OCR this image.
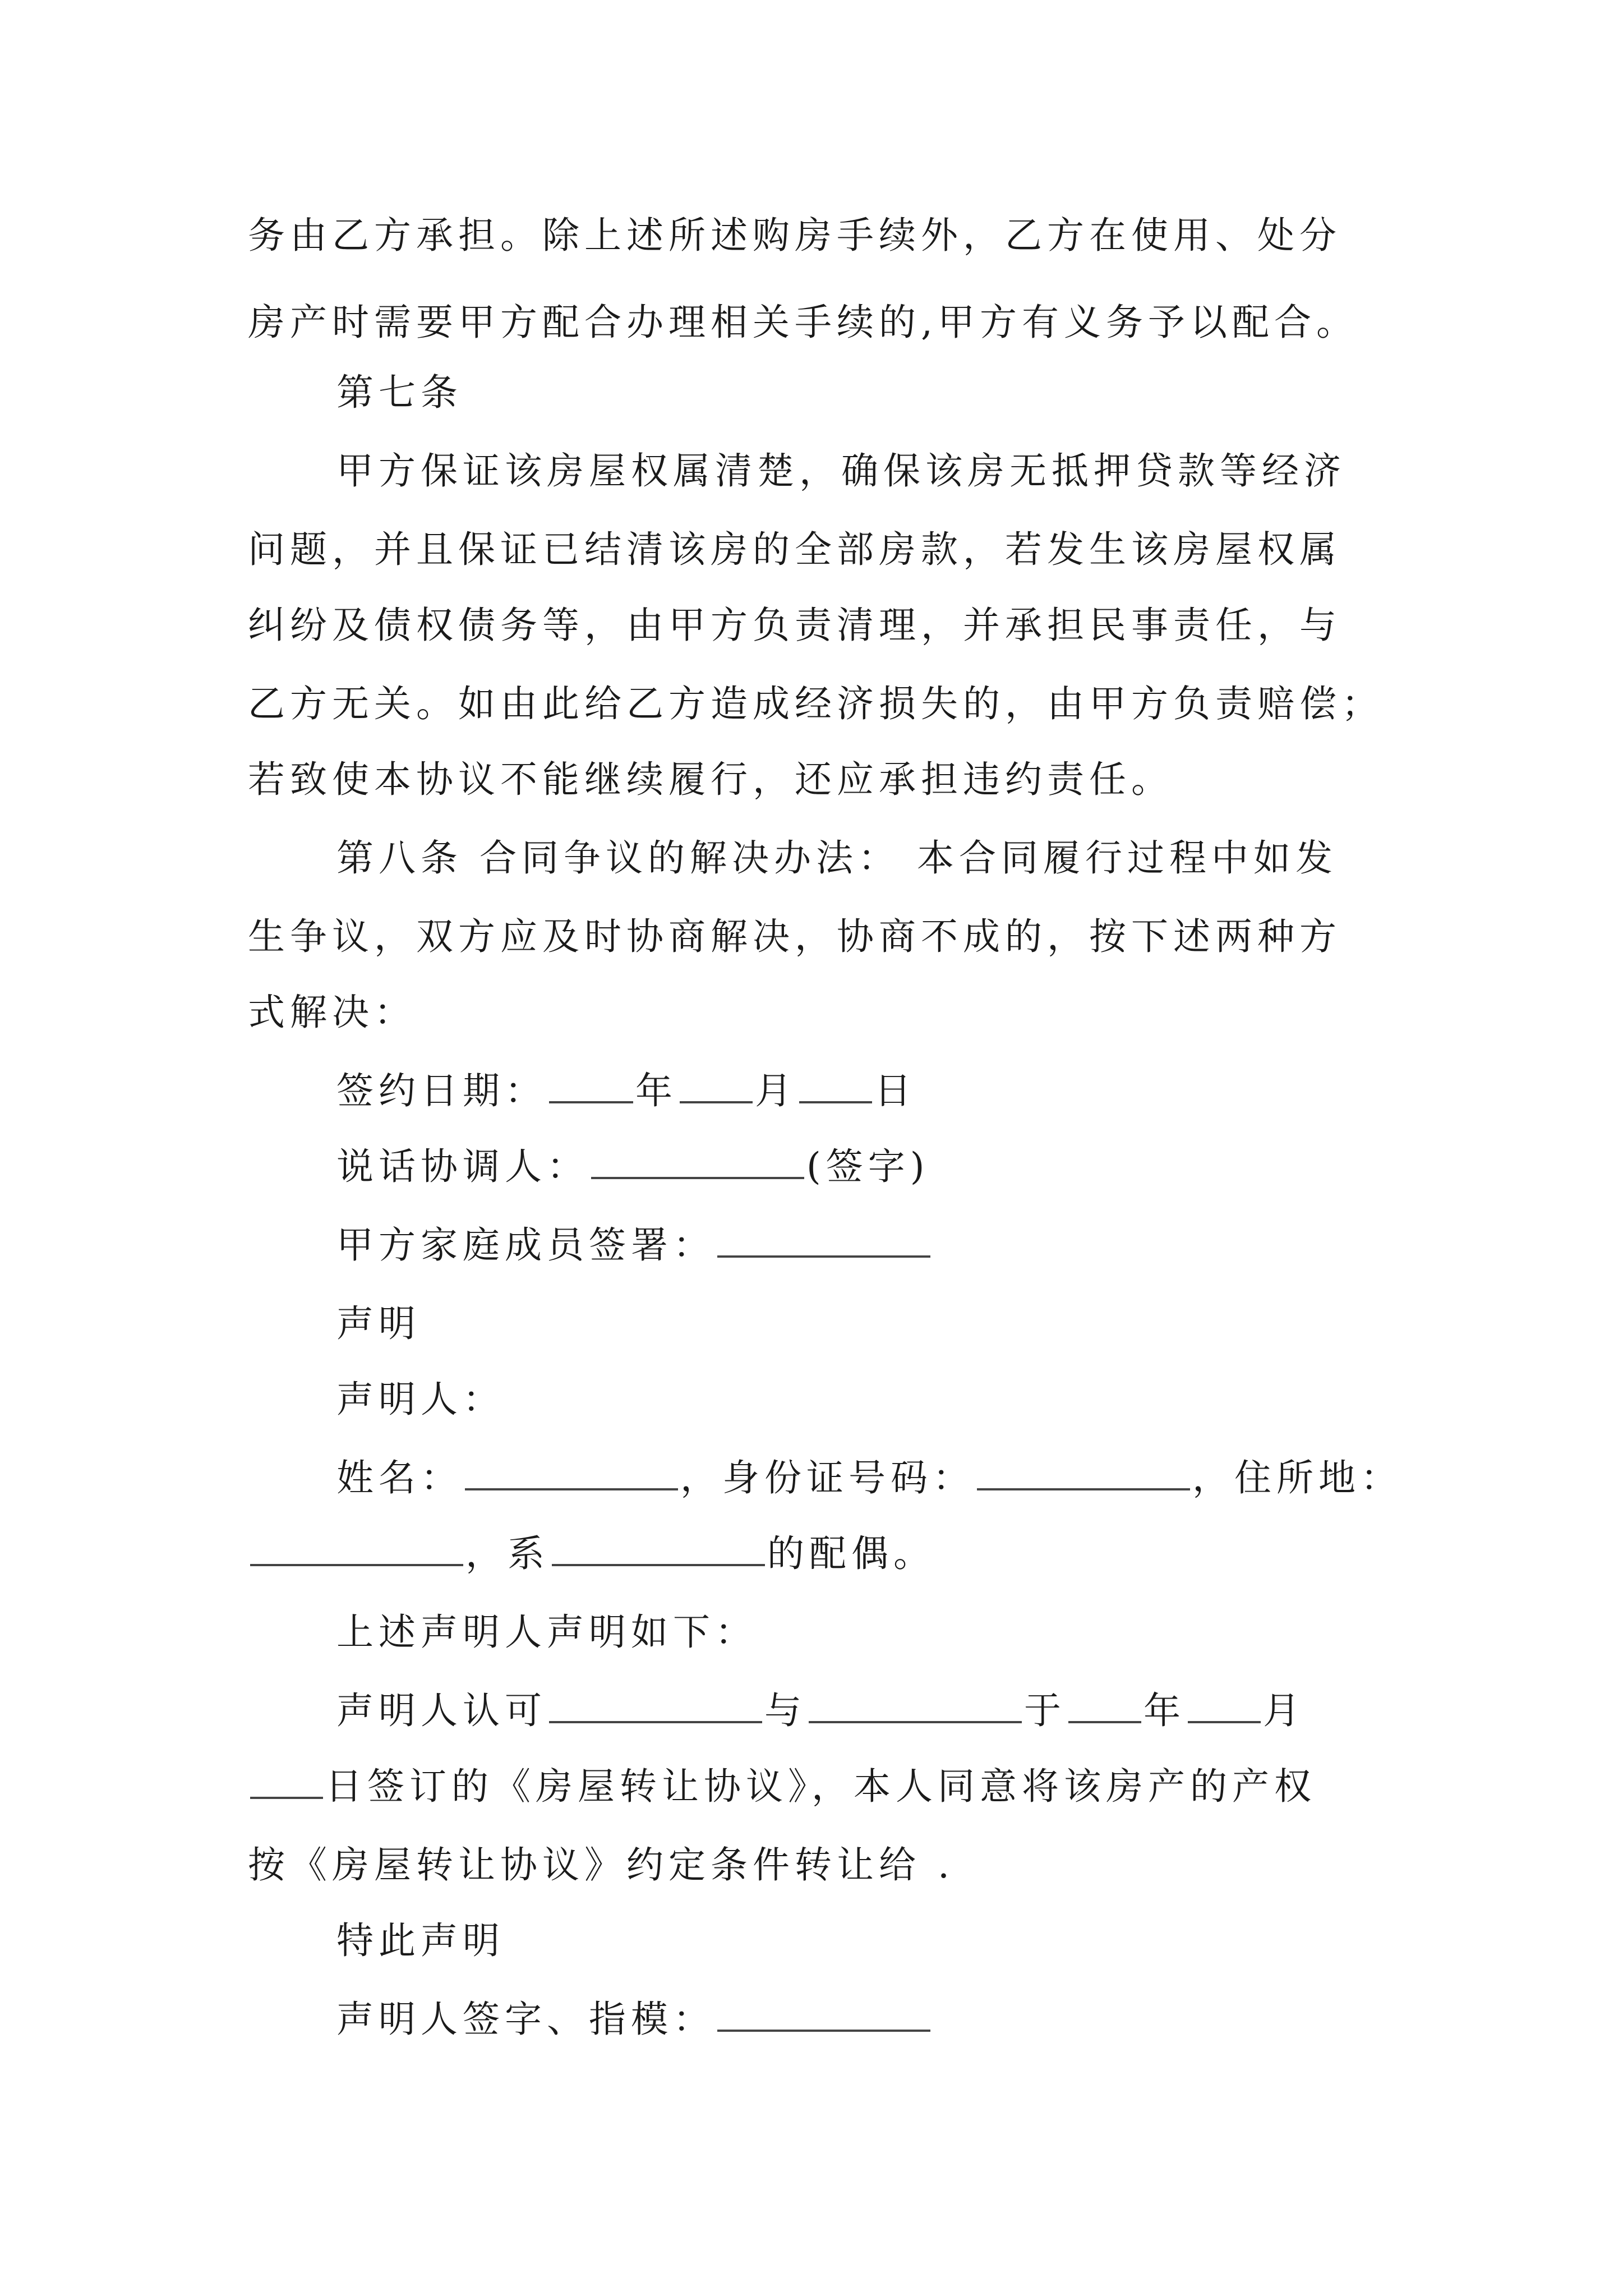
务由乙方承担。除上述所述购房手续外，乙方在使用、处分
房产时需要甲方配合办理相关手续的,甲方有义务予以配合。
第七条
甲方保证该房屋权属清楚，确保该房无抵押贷款等经济
问题，并且保证已结清该房的全部房款，若发生该房屋权属
纠纷及债权债务等，由甲方负责清理，并承担民事责任，与
乙方无关。如由此给乙方造成经济损失的，由甲方负责赔偿；
若致使本协议不能继续履行，还应承担违约责任。
第八条 合同争议的解决办法： 本合同履行过程中如发
生争议，双方应及时协商解决，协商不成的，按下述两种方
式解决：
签约日期： 年 月 日
说话协调人：	(签字)
甲方家庭成员签署：
声明
声明人：
姓名：	，身份证号码：	，住所地：
，系	的配偶。
上述声明人声明如下：
声明人认可	与	于 年 月
日签订的《房屋转让协议》，本人同意将该房产的产权
按《房屋转让协议》约定条件转让给 .
特此声明
声明人签字、指模：
